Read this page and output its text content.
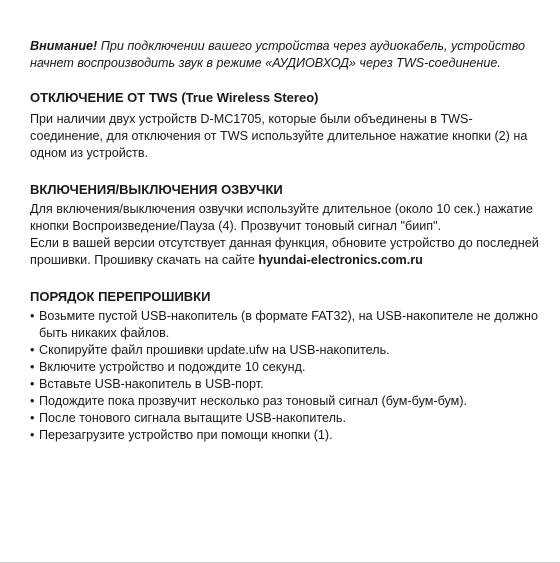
Внимание! При подключении вашего устройства через аудиокабель, устройство начнет воспроизводить звук в режиме «АУДИОВХОД» через TWS-соединение.

ОТКЛЮЧЕНИЕ ОТ TWS (True Wireless Stereo)

При наличии двух устройств D-MC1705, которые были объединены в TWS-соединение, для отключения от TWS используйте длительное нажатие кнопки (2) на одном из устройств.

ВКЛЮЧЕНИЯ/ВЫКЛЮЧЕНИЯ ОЗВУЧКИ

Для включения/выключения озвучки используйте длительное (около 10 сек.) нажатие кнопки Воспроизведение/Пауза (4). Прозвучит тоновый сигнал "биип".

Если в вашей версии отсутствует данная функция, обновите устройство до последней прошивки. Прошивку скачать на сайте hyundai-electronics.com.ru

ПОРЯДОК ПЕРЕПРОШИВКИ
• Возьмите пустой USB-накопитель (в формате FAT32), на USB-накопителе не должно быть никаких файлов.
• Скопируйте файл прошивки update.ufw на USB-накопитель.
• Включите устройство и подождите 10 секунд.
• Вставьте USB-накопитель в USB-порт.
• Подождите пока прозвучит несколько раз тоновый сигнал (бум-бум-бум).
• После тонового сигнала вытащите USB-накопитель.
• Перезагрузите устройство при помощи кнопки (1).
